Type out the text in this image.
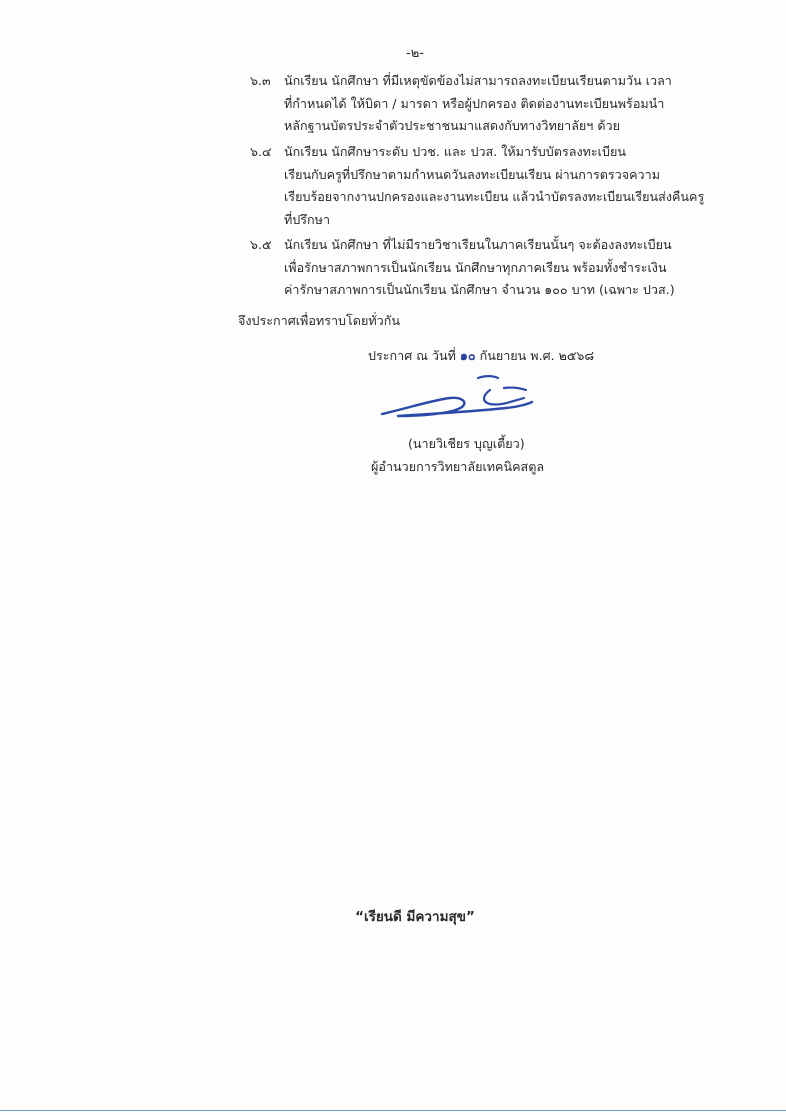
-๒-
๖.๓	นักเรียน นักศึกษา ที่มีเหตุขัดข้องไม่สามารถลงทะเบียนเรียนตามวัน เวลา
ที่กำหนดได้ ให้บิดา / มารดา หรือผู้ปกครอง ติดต่องานทะเบียนพร้อมนำ
หลักฐานบัตรประจำตัวประชาชนมาแสดงกับทางวิทยาลัยฯ ด้วย
๖.๔ นักเรียน นักศึกษาระดับ ปวช. และ ปวส. ให้มารับบัตรลงทะเบียน
เรียนกับครูที่ปรึกษาตามกำหนดวันลงทะเบียนเรียน ผ่านการตรวจความ
เรียบร้อยจากงานปกครองและงานทะเบียน แล้วนำบัตรลงทะเบียนเรียนส่งคืนครู
ที่ปรึกษา
๖.๕ นักเรียน นักศึกษา ที่ไม่มีรายวิชาเรียนในภาคเรียนนั้นๆ จะต้องลงทะเบียน
เพื่อรักษาสภาพการเป็นนักเรียน นักศึกษาทุกภาคเรียน พร้อมทั้งชำระเงิน
ค่ารักษาสภาพการเป็นนักเรียน นักศึกษา จำนวน ๑๐๐ บาท (เฉพาะ ปวส.)
จึงประกาศเพื่อทราบโดยทั่วกัน
ประกาศ ณ วันที่ ๑๐ กันยายน พ.ศ. ๒๕๖๘
(นายวิเชียร บุญเตี้ยว)
ผู้อำนวยการวิทยาลัยเทคนิคสตูล
“เรียนดี มีความสุข”
